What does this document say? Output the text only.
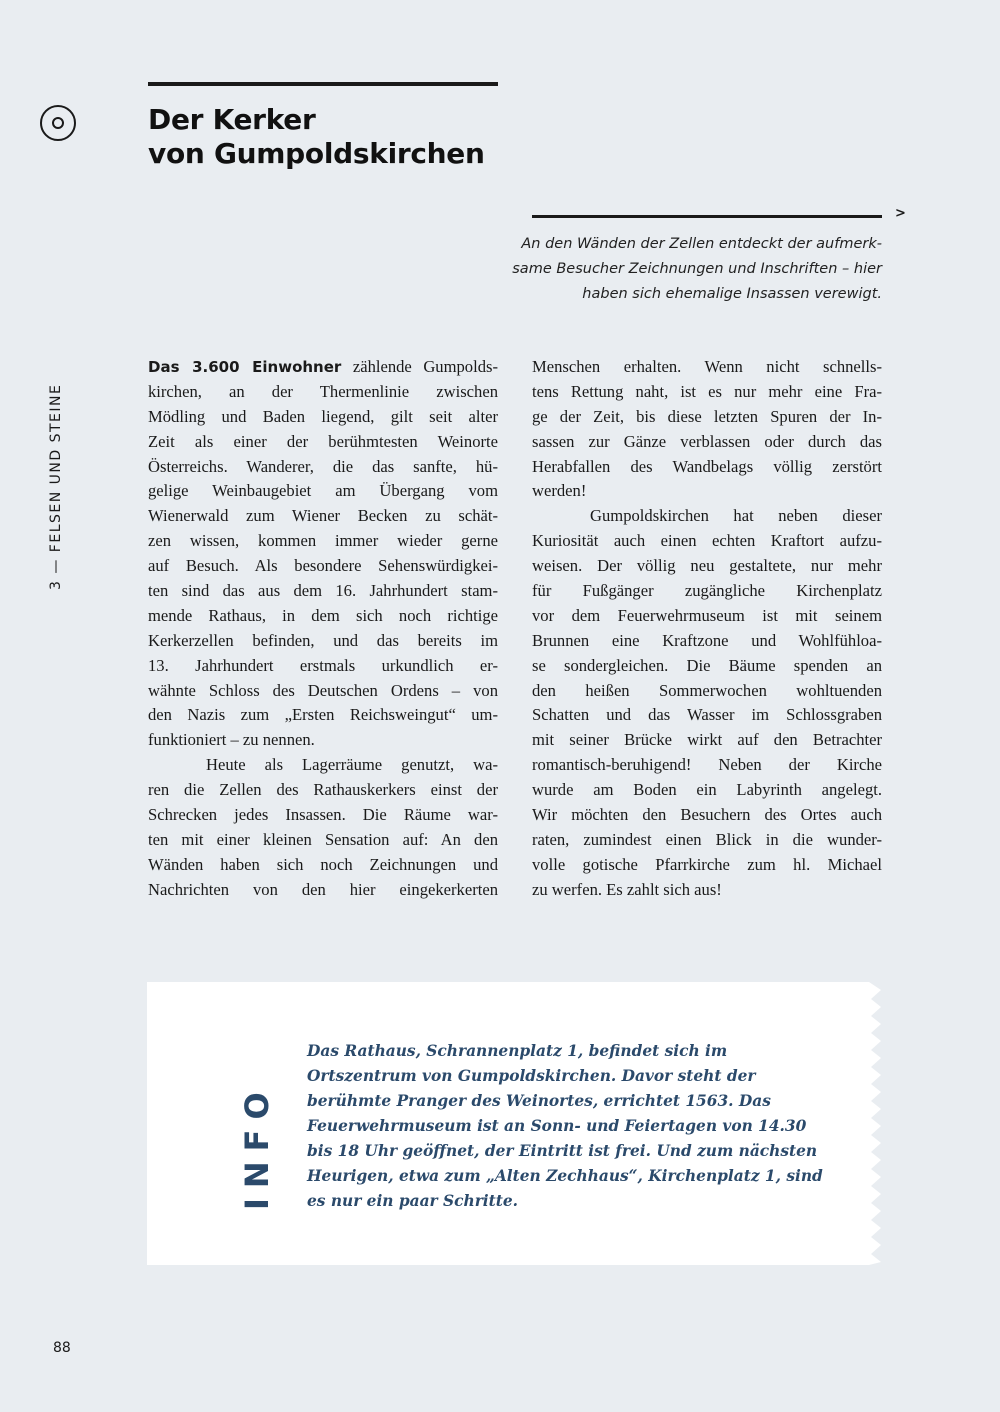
Der Kerker
von Gumpoldskirchen
>
An den Wänden der Zellen entdeckt der aufmerk-
same Besucher Zeichnungen und Inschriften – hier
haben sich ehemalige Insassen verewigt.
3 — FELSEN UND STEINE
Das 3.600 Einwohner zählende Gumpolds-
kirchen, an der Thermenlinie zwischen
Mödling und Baden liegend, gilt seit alter
Zeit als einer der berühmtesten Weinorte
Österreichs. Wanderer, die das sanfte, hü-
gelige Weinbaugebiet am Übergang vom
Wienerwald zum Wiener Becken zu schät-
zen wissen, kommen immer wieder gerne
auf Besuch. Als besondere Sehenswürdigkei-
ten sind das aus dem 16. Jahrhundert stam-
mende Rathaus, in dem sich noch richtige
Kerkerzellen befinden, und das bereits im
13. Jahrhundert erstmals urkundlich er-
wähnte Schloss des Deutschen Ordens – von
den Nazis zum „Ersten Reichsweingut“ um-
funktioniert – zu nennen.
Heute als Lagerräume genutzt, wa-
ren die Zellen des Rathauskerkers einst der
Schrecken jedes Insassen. Die Räume war-
ten mit einer kleinen Sensation auf: An den
Wänden haben sich noch Zeichnungen und
Nachrichten von den hier eingekerkerten
Menschen erhalten. Wenn nicht schnells-
tens Rettung naht, ist es nur mehr eine Fra-
ge der Zeit, bis diese letzten Spuren der In-
sassen zur Gänze verblassen oder durch das
Herabfallen des Wandbelags völlig zerstört
werden!
Gumpoldskirchen hat neben dieser
Kuriosität auch einen echten Kraftort aufzu-
weisen. Der völlig neu gestaltete, nur mehr
für Fußgänger zugängliche Kirchenplatz
vor dem Feuerwehrmuseum ist mit seinem
Brunnen eine Kraftzone und Wohlfühloa-
se sondergleichen. Die Bäume spenden an
den heißen Sommerwochen wohltuenden
Schatten und das Wasser im Schlossgraben
mit seiner Brücke wirkt auf den Betrachter
romantisch-beruhigend! Neben der Kirche
wurde am Boden ein Labyrinth angelegt.
Wir möchten den Besuchern des Ortes auch
raten, zumindest einen Blick in die wunder-
volle gotische Pfarrkirche zum hl. Michael
zu werfen. Es zahlt sich aus!
INFO
Das Rathaus, Schrannenplatz 1, befindet sich im
Ortszentrum von Gumpoldskirchen. Davor steht der
berühmte Pranger des Weinortes, errichtet 1563. Das
Feuerwehrmuseum ist an Sonn- und Feiertagen von 14.30
bis 18 Uhr geöffnet, der Eintritt ist frei. Und zum nächsten
Heurigen, etwa zum „Alten Zechhaus“, Kirchenplatz 1, sind
es nur ein paar Schritte.
88
